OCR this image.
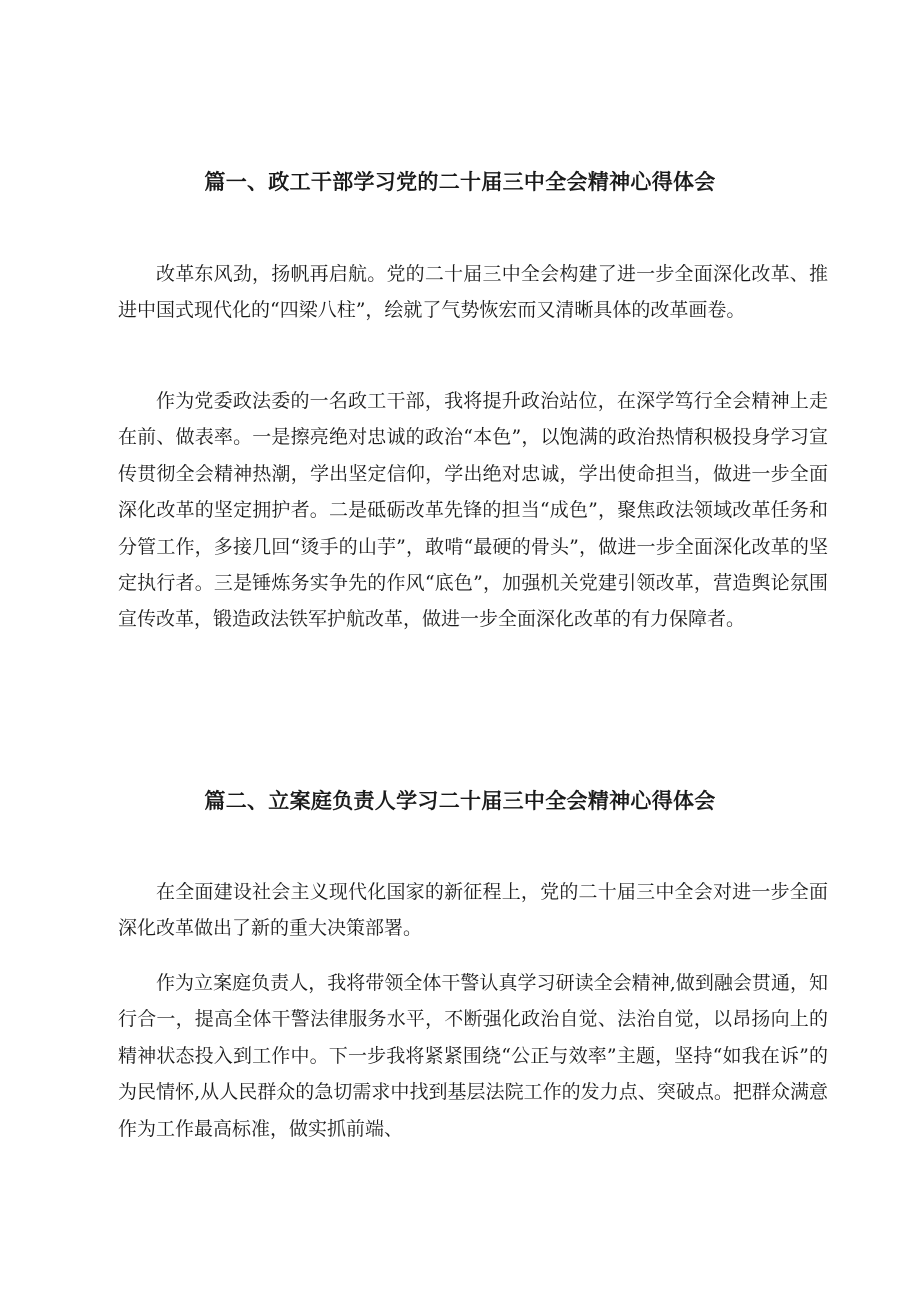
篇一、政工干部学习党的二十届三中全会精神心得体会

改革东风劲，扬帆再启航。党的二十届三中全会构建了进一步全面深化改革、推进中国式现代化的“四梁八柱”，绘就了气势恢宏而又清晰具体的改革画卷。

作为党委政法委的一名政工干部，我将提升政治站位，在深学笃行全会精神上走在前、做表率。一是擦亮绝对忠诚的政治“本色”，以饱满的政治热情积极投身学习宣传贯彻全会精神热潮，学出坚定信仰，学出绝对忠诚，学出使命担当，做进一步全面深化改革的坚定拥护者。二是砥砺改革先锋的担当“成色”，聚焦政法领域改革任务和分管工作，多接几回“烫手的山芋”，敢啃“最硬的骨头”，做进一步全面深化改革的坚定执行者。三是锤炼务实争先的作风“底色”，加强机关党建引领改革，营造舆论氛围宣传改革，锻造政法铁军护航改革，做进一步全面深化改革的有力保障者。

篇二、立案庭负责人学习二十届三中全会精神心得体会

在全面建设社会主义现代化国家的新征程上，党的二十届三中全会对进一步全面深化改革做出了新的重大决策部署。

作为立案庭负责人，我将带领全体干警认真学习研读全会精神,做到融会贯通，知行合一，提高全体干警法律服务水平，不断强化政治自觉、法治自觉，以昂扬向上的精神状态投入到工作中。下一步我将紧紧围绕“公正与效率”主题，坚持“如我在诉”的为民情怀,从人民群众的急切需求中找到基层法院工作的发力点、突破点。把群众满意作为工作最高标准，做实抓前端、
